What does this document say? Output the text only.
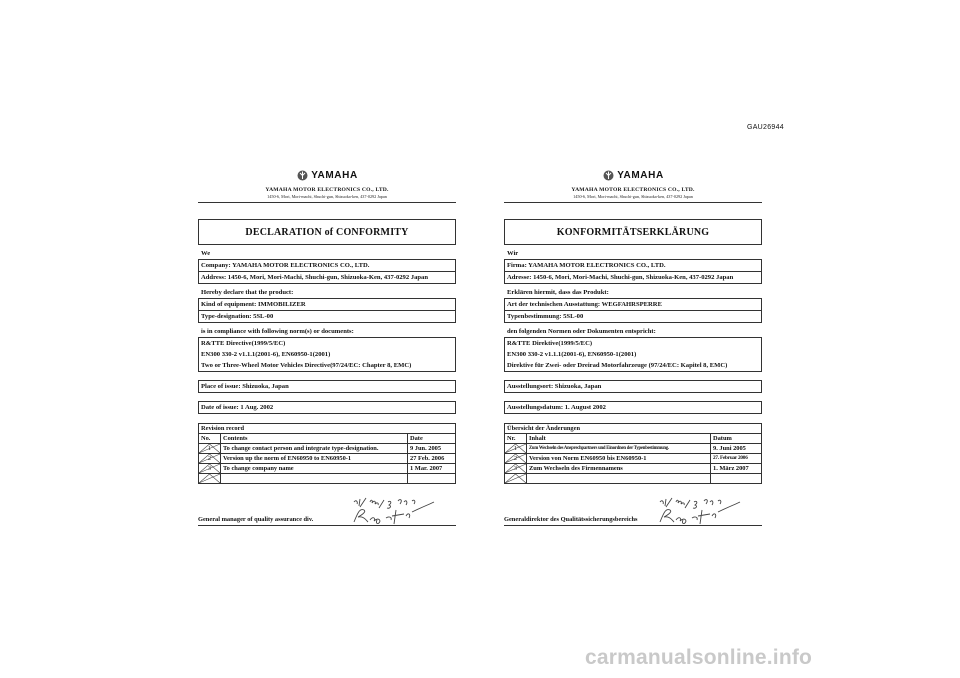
GAU26944
YAMAHA
YAMAHA MOTOR ELECTRONICS CO., LTD.
1450-6, Mori, Mori-machi, Shuchi-gun, Shizuoka-ken, 437-0292 Japan
DECLARATION of CONFORMITY
We
Company: YAMAHA MOTOR ELECTRONICS CO., LTD.
Address: 1450-6, Mori, Mori-Machi, Shuchi-gun, Shizuoka-Ken, 437-0292 Japan
Hereby declare that the product:
Kind of equipment: IMMOBILIZER
Type-designation: 5SL-00
is in compliance with following norm(s) or documents:
R&TTE Directive(1999/5/EC)
EN300 330-2 v1.1.1(2001-6), EN60950-1(2001)
Two or Three-Wheel Motor Vehicles Directive(97/24/EC: Chapter 8, EMC)
Place of issue: Shizuoka, Japan
Date of issue: 1 Aug. 2002
Revision record		
No.	Contents	Date

1	To change contact person and integrate type-designation.	9 Jun. 2005

2	Version up the norm of EN60950 to EN60950-1	27 Feb. 2006

3	To change company name	1 Mar. 2007

General manager of quality assurance div.
YAMAHA
YAMAHA MOTOR ELECTRONICS CO., LTD.
1450-6, Mori, Mori-machi, Shuchi-gun, Shizuoka-ken, 437-0292 Japan
KONFORMITÄTSERKLÄRUNG
Wir
Firma: YAMAHA MOTOR ELECTRONICS CO., LTD.
Adresse: 1450-6, Mori, Mori-Machi, Shuchi-gun, Shizuoka-Ken, 437-0292 Japan
Erklären hiermit, dass das Produkt:
Art der technischen Ausstattung: WEGFAHRSPERRE
Typenbestimmung: 5SL-00
den folgenden Normen oder Dokumenten entspricht:
R&TTE Direktive(1999/5/EC)
EN300 330-2 v1.1.1(2001-6), EN60950-1(2001)
Direktive für Zwei- oder Dreirad Motorfahrzeuge (97/24/EC: Kapitel 8, EMC)
Ausstellungsort: Shizuoka, Japan
Ausstellungsdatum: 1. August 2002
Übersicht der Änderungen		
Nr.	Inhalt	Datum

1	Zum Wechseln des Ansprechpartners und Einordnen der Typenbestimmung.	9. Juni 2005

2	Version von Norm EN60950 bis EN60950-1	27. Februar 2006

3	Zum Wechseln des Firmennamens	1. März 2007

Generaldirektor des Qualitätssicherungsbereichs
carmanualsonline.info
